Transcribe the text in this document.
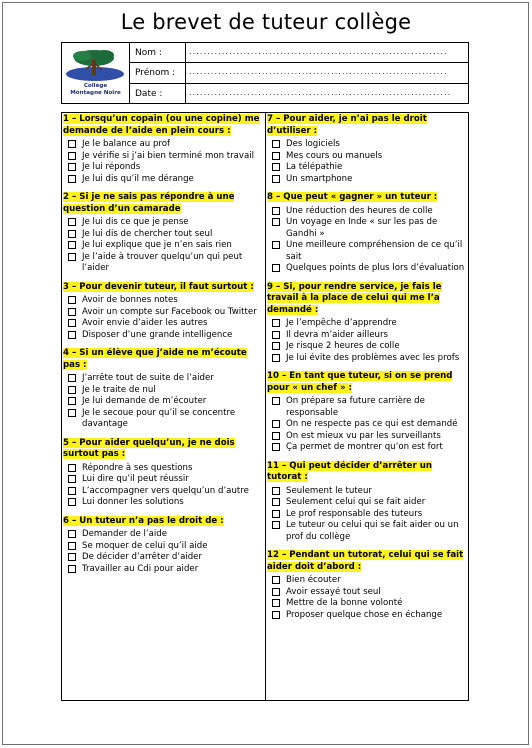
Le brevet de tuteur collège
Collège
Montagne Noire
Nom :	.......................................................................
Prénom :	.......................................................................
Date :	........................................................................
1 – Lorsqu’un copain (ou une copine) me demande de l’aide en plein cours :
Je le balance au prof
Je vérifie si j’ai bien terminé mon travail
Je lui réponds
Je lui dis qu’il me dérange
2 – Si je ne sais pas répondre à une question d’un camarade
Je lui dis ce que je pense
Je lui dis de chercher tout seul
Je lui explique que je n’en sais rien
Je l’aide à trouver quelqu’un qui peut l’aider
3 – Pour devenir tuteur, il faut surtout :
Avoir de bonnes notes
Avoir un compte sur Facebook ou Twitter
Avoir envie d’aider les autres
Disposer d’une grande intelligence
4 – Si un élève que j’aide ne m’écoute pas :
J’arrête tout de suite de l’aider
Je le traite de nul
Je lui demande de m’écouter
Je le secoue pour qu’il se concentre davantage
5 – Pour aider quelqu’un, je ne dois surtout pas :
Répondre à ses questions
Lui dire qu’il peut réussir
L’accompagner vers quelqu’un d’autre
Lui donner les solutions
6 – Un tuteur n’a pas le droit de :
Demander de l’aide
Se moquer de celui qu’il aide
De décider d’arrêter d’aider
Travailler au Cdi pour aider
7 – Pour aider, je n’ai pas le droit d’utiliser :
Des logiciels
Mes cours ou manuels
La télépathie
Un smartphone
8 – Que peut « gagner » un tuteur :
Une réduction des heures de colle
Un voyage en Inde « sur les pas de Gandhi »
Une meilleure compréhension de ce qu’il sait
Quelques points de plus lors d’évaluation
9 – Si, pour rendre service, je fais le travail à la place de celui qui me l’a demandé :
Je l’empêche d’apprendre
Il devra m’aider ailleurs
Je risque 2 heures de colle
Je lui évite des problèmes avec les profs
10 – En tant que tuteur, si on se prend pour « un chef » :
On prépare sa future carrière de responsable
On ne respecte pas ce qui est demandé
On est mieux vu par les surveillants
Ça permet de montrer qu’on est fort
11 – Qui peut décider d’arrêter un tutorat :
Seulement le tuteur
Seulement celui qui se fait aider
Le prof responsable des tuteurs
Le tuteur ou celui qui se fait aider ou un prof du collège
12 – Pendant un tutorat, celui qui se fait aider doit d’abord :
Bien écouter
Avoir essayé tout seul
Mettre de la bonne volonté
Proposer quelque chose en échange
